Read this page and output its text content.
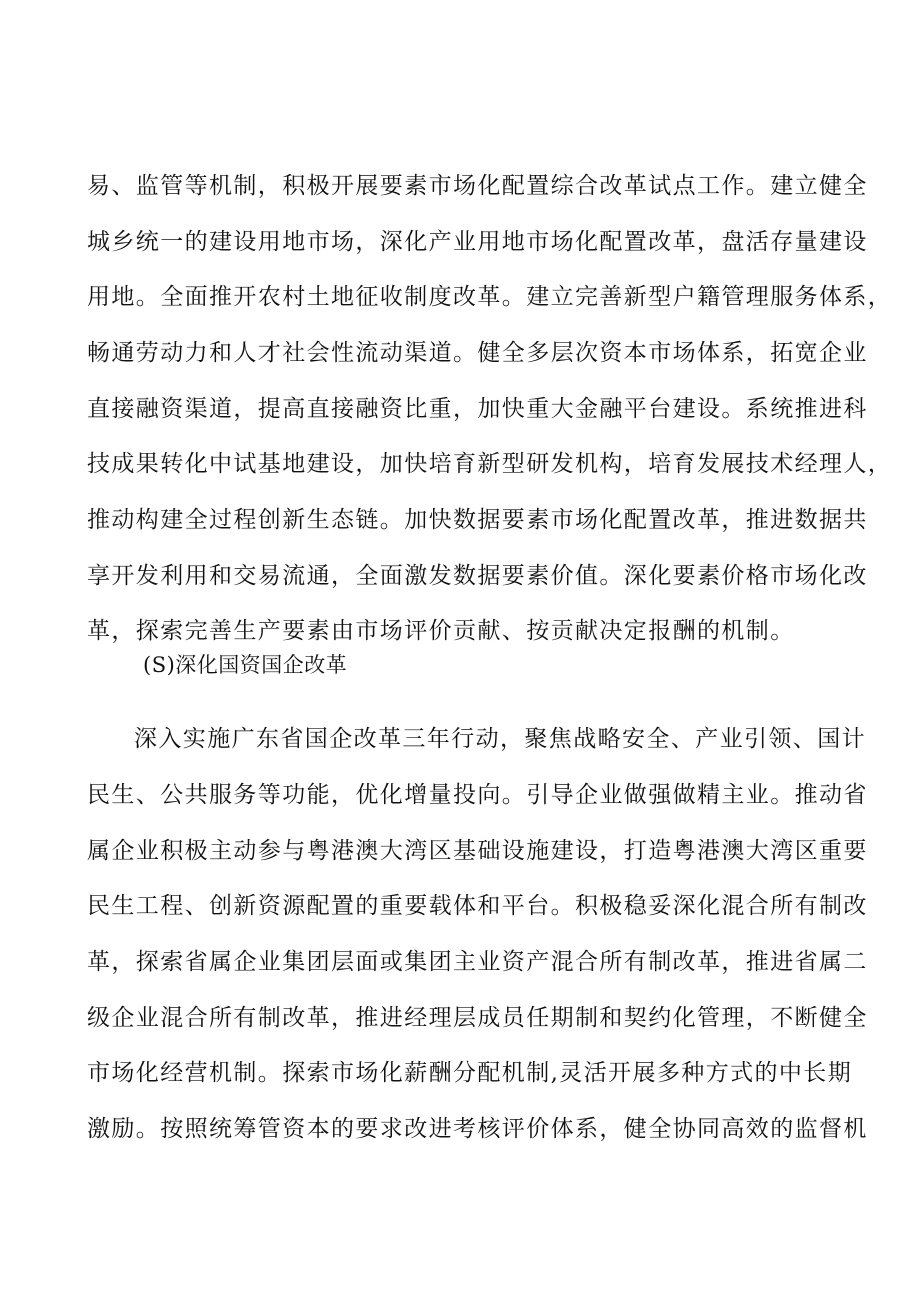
易、监管等机制，积极开展要素市场化配置综合改革试点工作。建立健全
城乡统一的建设用地市场，深化产业用地市场化配置改革，盘活存量建设
用地。全面推开农村土地征收制度改革。建立完善新型户籍管理服务体系，
畅通劳动力和人才社会性流动渠道。健全多层次资本市场体系，拓宽企业
直接融资渠道，提高直接融资比重，加快重大金融平台建设。系统推进科
技成果转化中试基地建设，加快培育新型研发机构，培育发展技术经理人，
推动构建全过程创新生态链。加快数据要素市场化配置改革，推进数据共
享开发利用和交易流通，全面激发数据要素价值。深化要素价格市场化改
革，探索完善生产要素由市场评价贡献、按贡献决定报酬的机制。
(S)深化国资国企改革
深入实施广东省国企改革三年行动，聚焦战略安全、产业引领、国计
民生、公共服务等功能，优化增量投向。引导企业做强做精主业。推动省
属企业积极主动参与粤港澳大湾区基础设施建设，打造粤港澳大湾区重要
民生工程、创新资源配置的重要载体和平台。积极稳妥深化混合所有制改
革，探索省属企业集团层面或集团主业资产混合所有制改革，推进省属二
级企业混合所有制改革，推进经理层成员任期制和契约化管理，不断健全
市场化经营机制。探索市场化薪酬分配机制,灵活开展多种方式的中长期
激励。按照统筹管资本的要求改进考核评价体系，健全协同高效的监督机
